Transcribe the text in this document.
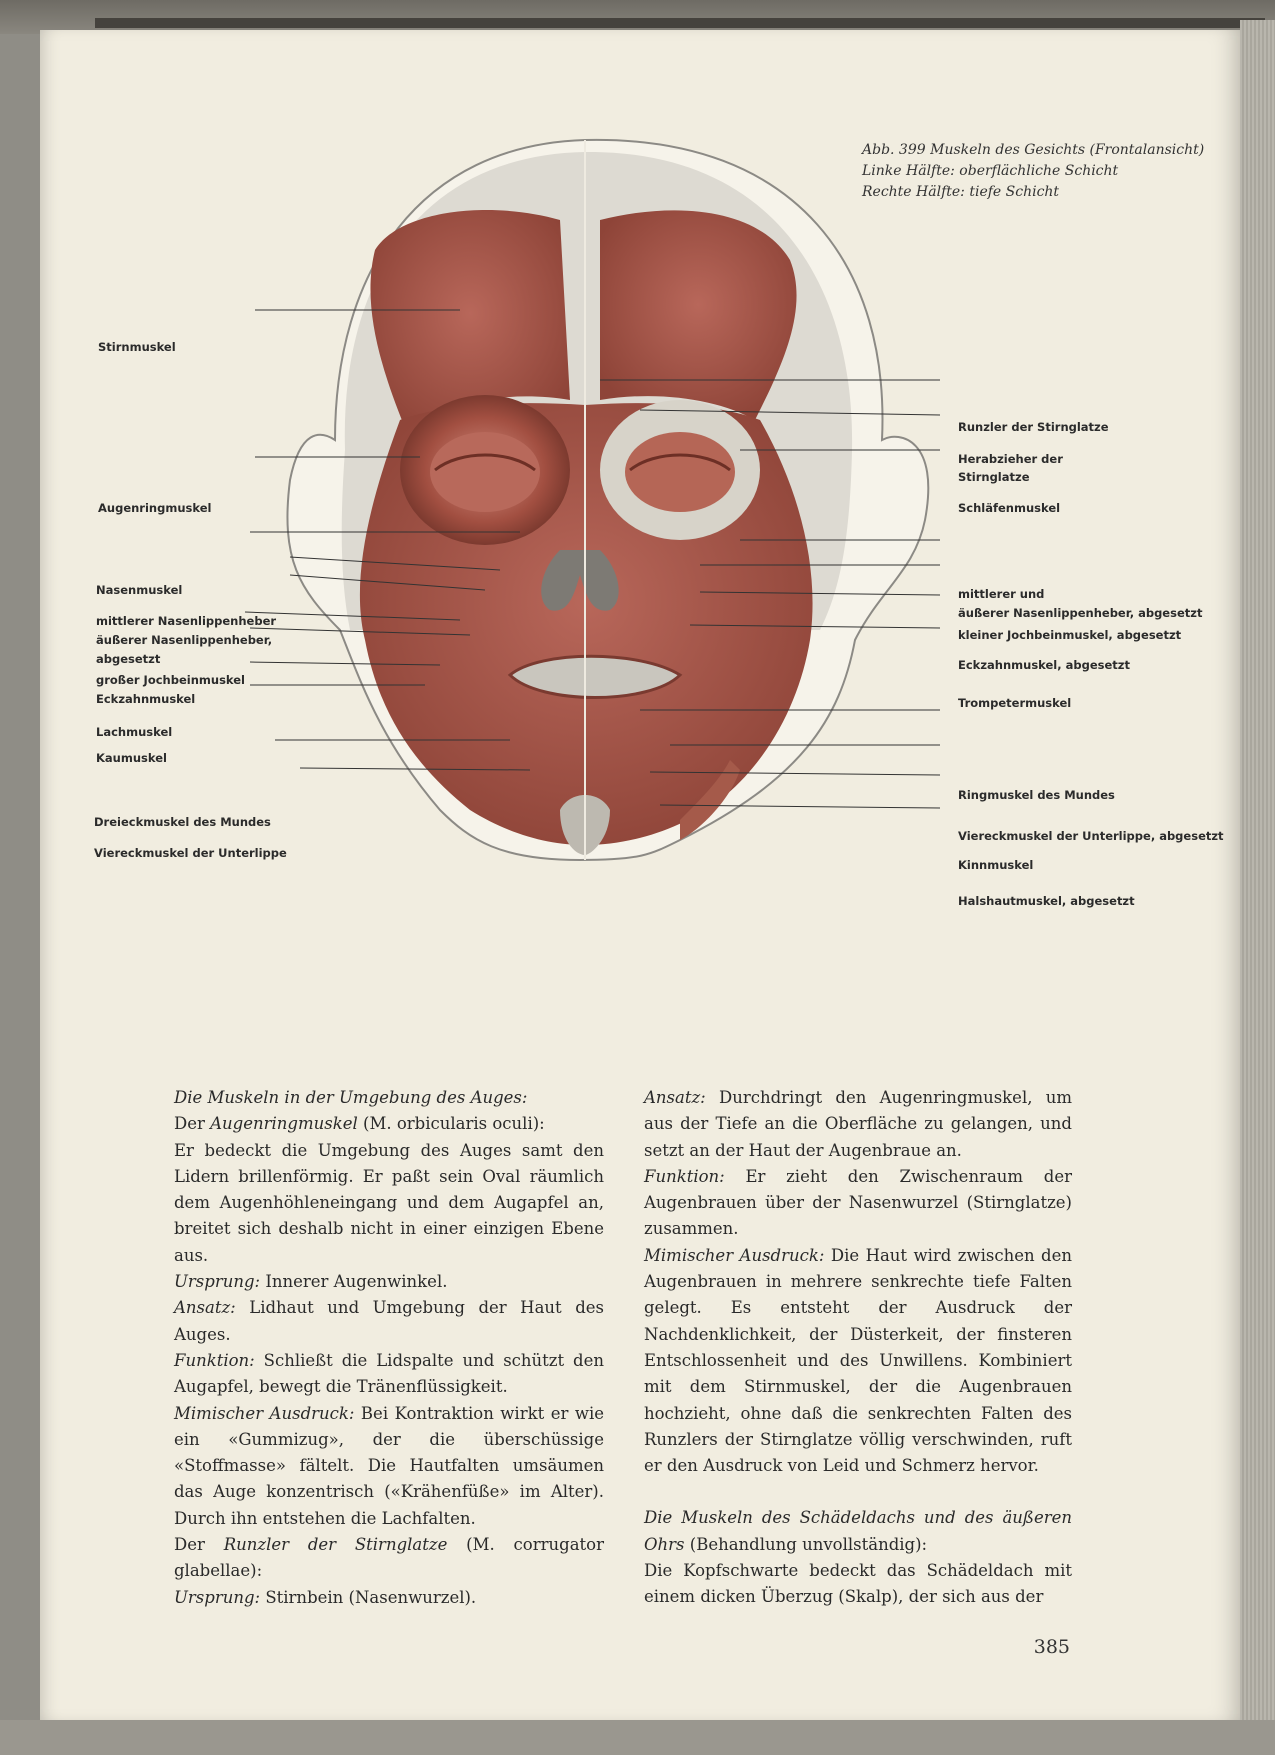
Abb. 399 Muskeln des Gesichts (Frontalansicht)
Linke Hälfte: oberflächliche Schicht
Rechte Hälfte: tiefe Schicht
Stirnmuskel
Augenringmuskel
Nasenmuskel
mittlerer Nasenlippenheber
äußerer Nasenlippenheber,
abgesetzt
großer Jochbeinmuskel
Eckzahnmuskel
Lachmuskel
Kaumuskel
Dreieckmuskel des Mundes
Viereckmuskel der Unterlippe
Runzler der Stirnglatze
Herabzieher der
Stirnglatze
Schläfenmuskel
mittlerer und
äußerer Nasenlippenheber, abgesetzt
kleiner Jochbeinmuskel, abgesetzt
Eckzahnmuskel, abgesetzt
Trompetermuskel
Ringmuskel des Mundes
Viereckmuskel der Unterlippe, abgesetzt
Kinnmuskel
Halshautmuskel, abgesetzt

Die Muskeln in der Umgebung des Auges:

Der Augenringmuskel (M. orbicularis oculi):

Er bedeckt die Umgebung des Auges samt den Lidern brillenförmig. Er paßt sein Oval räumlich dem Augenhöhleneingang und dem Augapfel an, breitet sich deshalb nicht in einer einzigen Ebene aus.

Ursprung: Innerer Augenwinkel.

Ansatz: Lidhaut und Umgebung der Haut des Auges.

Funktion: Schließt die Lidspalte und schützt den Augapfel, bewegt die Tränenflüssigkeit.

Mimischer Ausdruck: Bei Kontraktion wirkt er wie ein «Gummizug», der die überschüssige «Stoffmasse» fältelt. Die Hautfalten umsäumen das Auge konzentrisch («Krähenfüße» im Alter). Durch ihn entstehen die Lachfalten.

Der Runzler der Stirnglatze (M. corrugator glabellae):

Ursprung: Stirnbein (Nasenwurzel).

Ansatz: Durchdringt den Augenringmuskel, um aus der Tiefe an die Oberfläche zu gelangen, und setzt an der Haut der Augenbraue an.

Funktion: Er zieht den Zwischenraum der Augenbrauen über der Nasenwurzel (Stirnglatze) zusammen.

Mimischer Ausdruck: Die Haut wird zwischen den Augenbrauen in mehrere senkrechte tiefe Falten gelegt. Es entsteht der Ausdruck der Nachdenklichkeit, der Düsterkeit, der finsteren Entschlossenheit und des Unwillens. Kombiniert mit dem Stirnmuskel, der die Augenbrauen hochzieht, ohne daß die senkrechten Falten des Runzlers der Stirnglatze völlig verschwinden, ruft er den Ausdruck von Leid und Schmerz hervor.

Die Muskeln des Schädeldachs und des äußeren Ohrs (Behandlung unvollständig):

Die Kopfschwarte bedeckt das Schädeldach mit einem dicken Überzug (Skalp), der sich aus der

385
